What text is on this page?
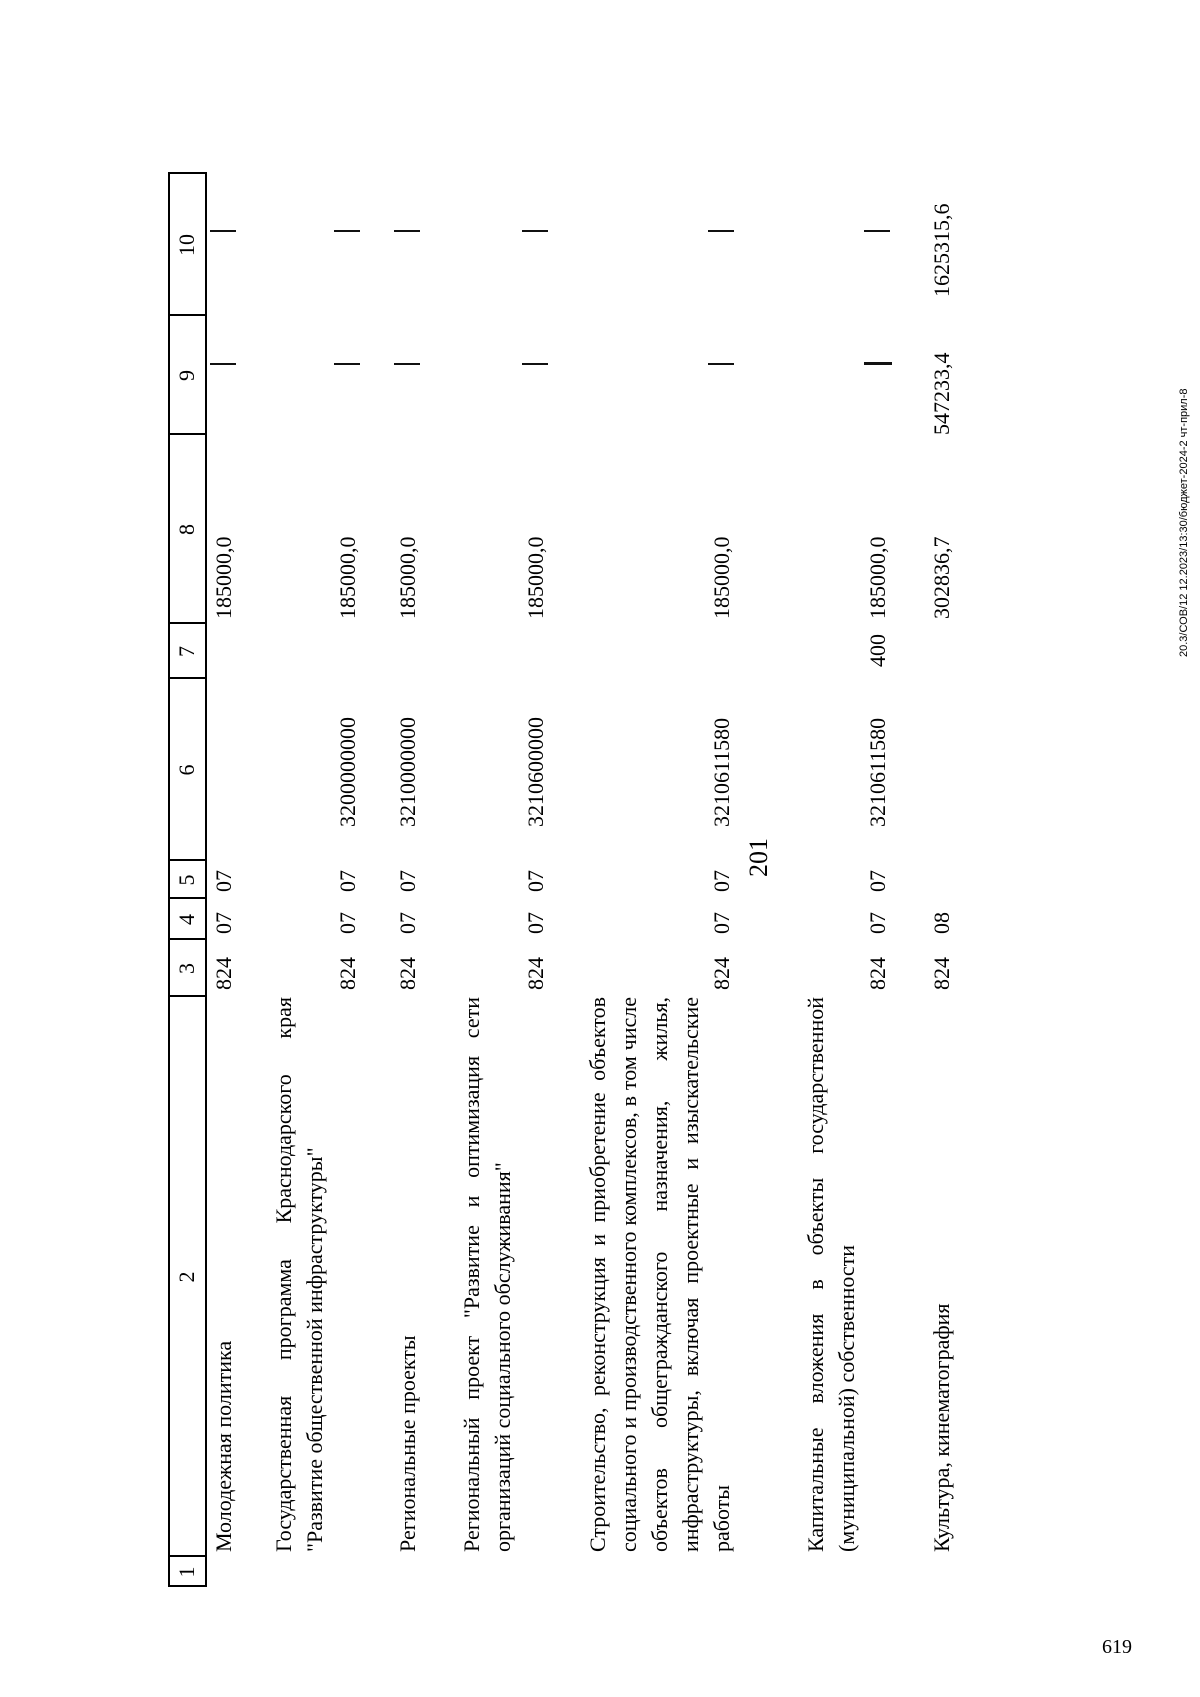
201
1
2
3
4
5
6
7
8
9
10
Молодежная политика
824
07
07
185000,0
Государственная программа Краснодарского края "Развитие общественной инфраструктуры"
824
07
07
3200000000
185000,0
Региональные проекты
824
07
07
3210000000
185000,0
Региональный проект "Развитие и оптимизация сети организаций социального обслуживания"
824
07
07
3210600000
185000,0
Строительство, реконструкция и приобретение объектов социального и производственного комплексов, в том числе объектов общегражданского назначения, жилья, инфраструктуры, включая проектные и изыскательские работы
824
07
07
3210611580
185000,0
Капитальные вложения в объекты государственной (муниципальной) собственности
824
07
07
3210611580
400
185000,0
Культура, кинематография
824
08
302836,7
547233,4
1625315,6
20.3/СОВ/12 12.2023/13:30/бюджет-2024-2 чт-прил-8
619
